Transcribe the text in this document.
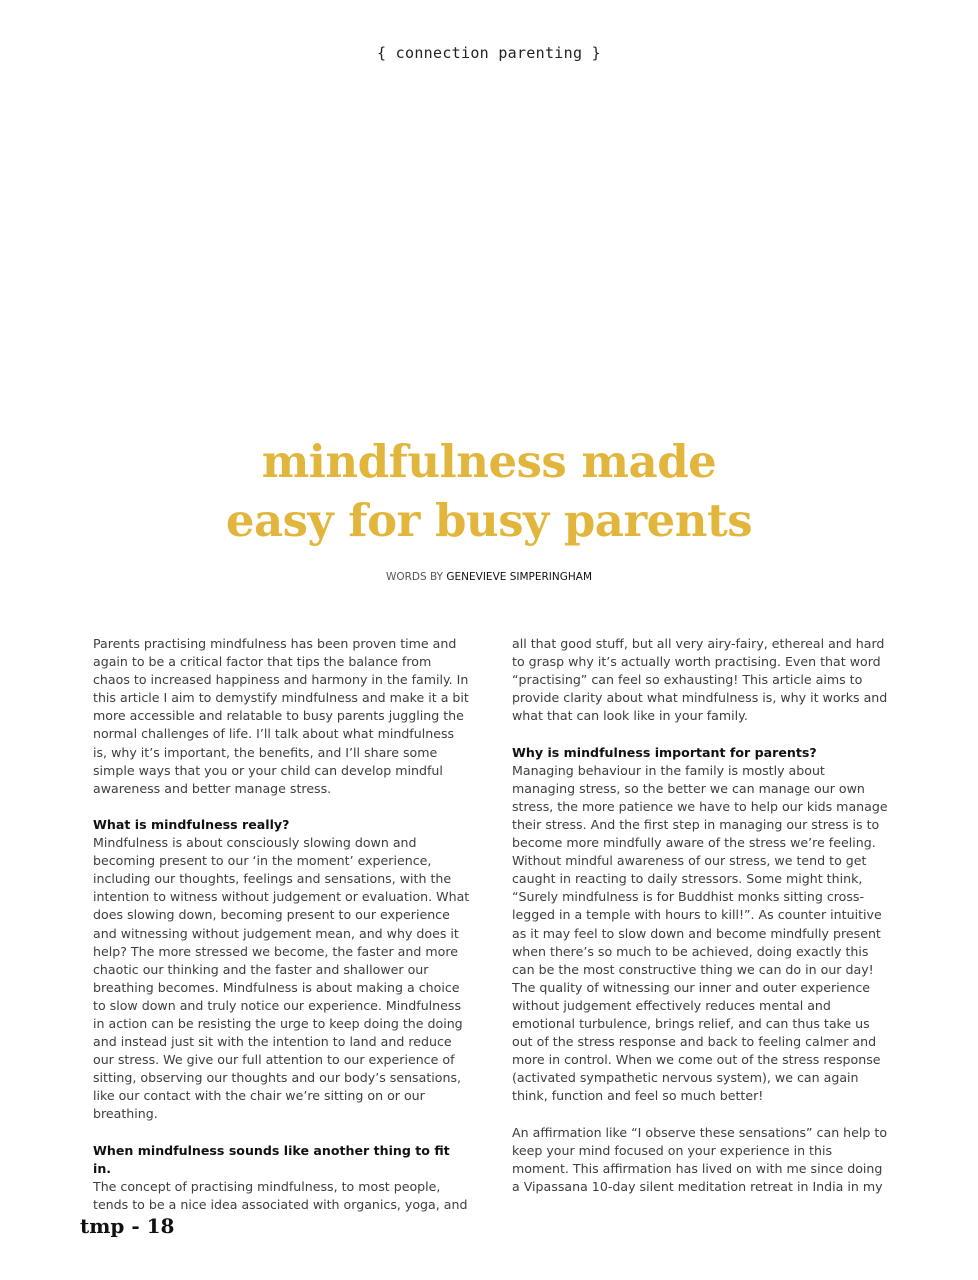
{ connection parenting }
mindfulness made
easy for busy parents
WORDS BY GENEVIEVE SIMPERINGHAM

Parents practising mindfulness has been proven time and again to be a critical factor that tips the balance from chaos to increased happiness and harmony in the family. In this article I aim to demystify mindfulness and make it a bit more accessible and relatable to busy parents juggling the normal challenges of life. I’ll talk about what mindfulness is, why it’s important, the benefits, and I’ll share some simple ways that you or your child can develop mindful awareness and better manage stress.

What is mindfulness really?

Mindfulness is about consciously slowing down and becoming present to our ‘in the moment’ experience, including our thoughts, feelings and sensations, with the intention to witness without judgement or evaluation. What does slowing down, becoming present to our experience and witnessing without judgement mean, and why does it help? The more stressed we become, the faster and more chaotic our thinking and the faster and shallower our breathing becomes. Mindfulness is about making a choice to slow down and truly notice our experience. Mindfulness in action can be resisting the urge to keep doing the doing and instead just sit with the intention to land and reduce our stress. We give our full attention to our experience of sitting, observing our thoughts and our body’s sensations, like our contact with the chair we’re sitting on or our breathing.

When mindfulness sounds like another thing to fit in.

The concept of practising mindfulness, to most people, tends to be a nice idea associated with organics, yoga, and

all that good stuff, but all very airy-fairy, ethereal and hard to grasp why it’s actually worth practising. Even that word “practising” can feel so exhausting! This article aims to provide clarity about what mindfulness is, why it works and what that can look like in your family.

Why is mindfulness important for parents?

Managing behaviour in the family is mostly about managing stress, so the better we can manage our own stress, the more patience we have to help our kids manage their stress. And the first step in managing our stress is to become more mindfully aware of the stress we’re feeling. Without mindful awareness of our stress, we tend to get caught in reacting to daily stressors. Some might think, “Surely mindfulness is for Buddhist monks sitting cross-legged in a temple with hours to kill!”. As counter intuitive as it may feel to slow down and become mindfully present when there’s so much to be achieved, doing exactly this can be the most constructive thing we can do in our day! The quality of witnessing our inner and outer experience without judgement effectively reduces mental and emotional turbulence, brings relief, and can thus take us out of the stress response and back to feeling calmer and more in control. When we come out of the stress response (activated sympathetic nervous system), we can again think, function and feel so much better!

An affirmation like “I observe these sensations” can help to keep your mind focused on your experience in this moment. This affirmation has lived on with me since doing a Vipassana 10-day silent meditation retreat in India in my

tmp - 18
